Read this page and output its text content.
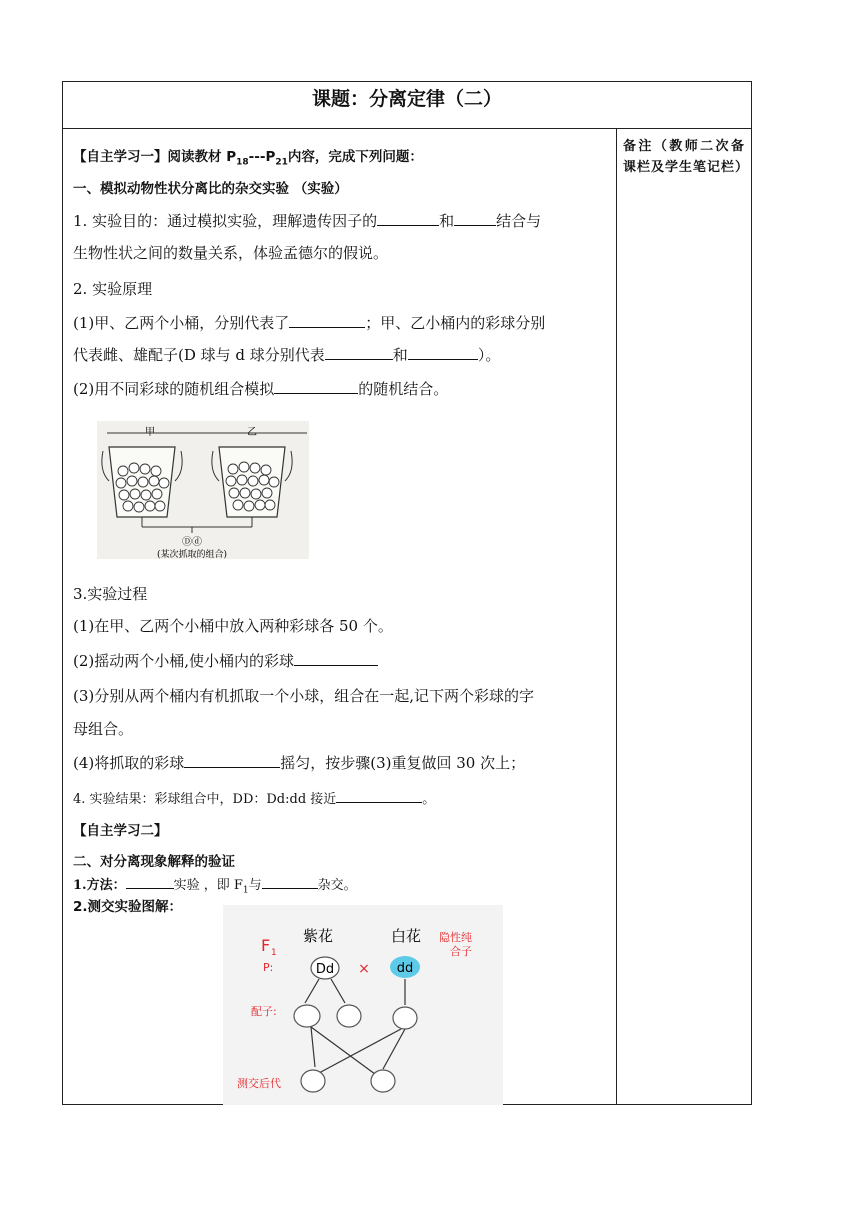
课题：分离定律（二）
备注（教师二次备课栏及学生笔记栏）
【自主学习一】阅读教材 $P_{18}---P_{21}$内容，完成下列问题：
一、模拟动物性状分离比的杂交实验 （实验）
1. 实验目的：通过模拟实验，理解遗传因子的	和	结合与
生物性状之间的数量关系，体验孟德尔的假说。
2. 实验原理
(1)甲、乙两个小桶，分别代表了	；甲、乙小桶内的彩球分别
代表雌、雄配子(D 球与 d 球分别代表	和	）。
(2)用不同彩球的随机组合模拟	的随机结合。
甲	乙
Ⓓⓓ
(某次抓取的组合)
3.实验过程
(1)在甲、乙两个小桶中放入两种彩球各 50 个。
(2)摇动两个小桶,使小桶内的彩球
(3)分别从两个桶内有机抓取一个小球，组合在一起,记下两个彩球的字
母组合。
(4)将抓取的彩球	摇匀，按步骤(3)重复做回 30 次上；
4. 实验结果：彩球组合中，DD：Dd:dd 接近	。
【自主学习二】
二、对分离现象解释的验证
1.方法：	实验 ，即 $F_1$与	杂交。
2.测交实验图解：
F 1
紫花	白花 隐性纯
合子
P:	Dd × dd
配子:
测交后代
